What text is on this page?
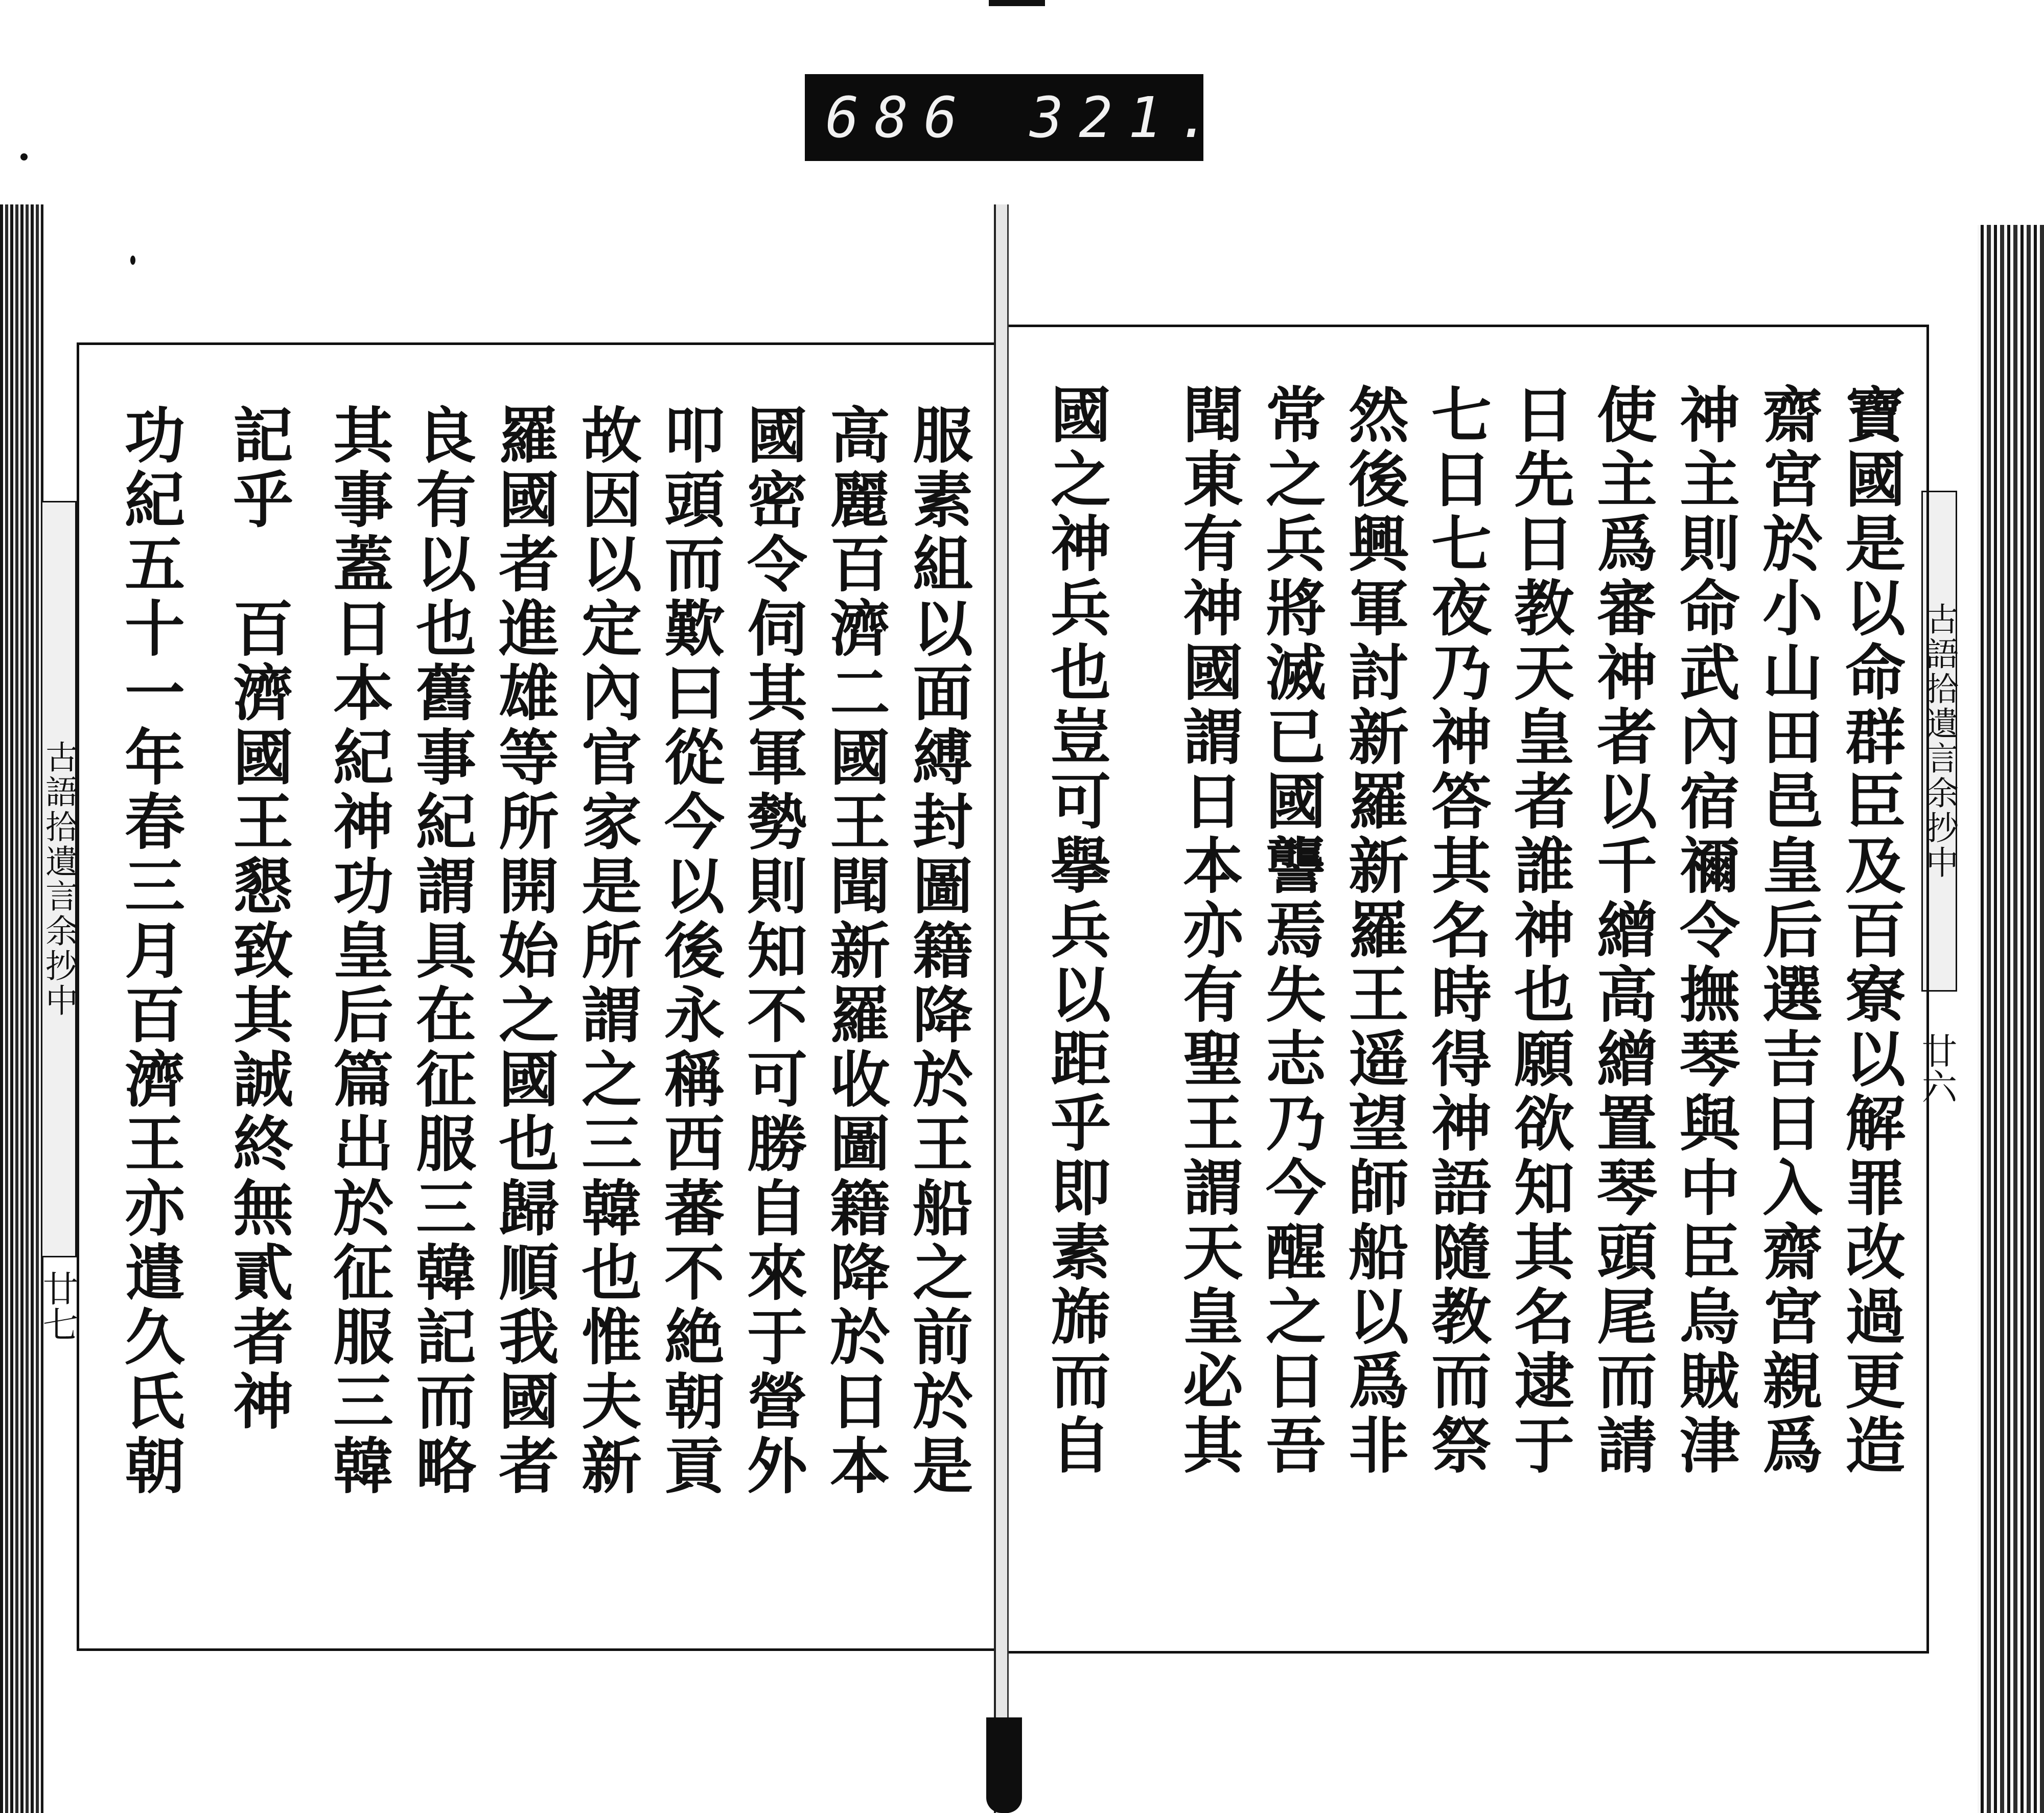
686 321.
古語拾遺言余抄中
廿七
古語拾遺言余抄中
廿六
寶國是以命群臣及百寮以解罪改過更造
齋宮於小山田邑皇后選吉日入齋宮親爲
神主則命武內宿禰令撫琴與中臣烏賊津
使主爲審神者以千繒高繒置琴頭尾而請
日先日教天皇者誰神也願欲知其名逮于
七日七夜乃神答其名時得神語隨教而祭
然後興軍討新羅新羅王遥望師船以爲非
常之兵將滅已國讋焉失志乃今醒之日吾
聞東有神國謂日本亦有聖王謂天皇必其
國之神兵也豈可擧兵以距乎即素旆而自
服素組以面縛封圖籍降於王船之前於是
高麗百濟二國王聞新羅收圖籍降於日本
國密令伺其軍勢則知不可勝自來于營外
叩頭而歎曰從今以後永稱西蕃不絶朝貢
故因以定內官家是所謂之三韓也惟夫新
羅國者進雄等所開始之國也歸順我國者
良有以也舊事紀謂具在征服三韓記而略
其事蓋日本紀神功皇后篇出於征服三韓
記乎　百濟國王懇致其誠終無貳者神
功紀五十一年春三月百濟王亦遣久氏朝
